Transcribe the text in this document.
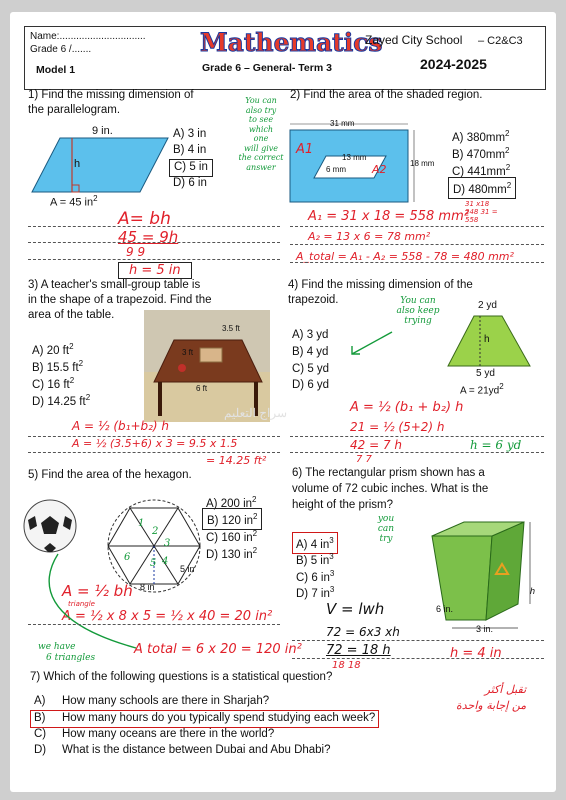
Name:...............................
Grade 6 /.......
Model 1
Mathematics
Grade 6 – General- Term 3
Zayed City School – C2&C3
2024-2025
1) Find the missing dimension of
the parallelogram.
9 in.
h
A = 45 $in^2$
A) 3 in
B) 4 in
C) 5 in
D) 6 in
You can
also try
to see
which
one
will give
the correct
answer
A= bh
45 = 9h
9 9
h = 5 in
2) Find the area of the shaded region.
31 mm
13 mm
6 mm
18 mm
A1
A2
A) $380mm^2$
B) $470mm^2$
C) $441mm^2$
D) $480mm^2$
A₁ = 31 x 18 = 558 mm²
A₂ = 13 x 6 = 78 mm²
A_total = A₁ - A₂ = 558 - 78 = 480 mm²
31 x18 248 31 = 558
3) A teacher's small-group table is
in the shape of a trapezoid. Find the
area of the table.
A) 20 $ft^2$
B) 15.5 $ft^2$
C) 16 $ft^2$
D) 14.25 $ft^2$
3.5 ft
3 ft
6 ft
A = ½ (b₁+b₂) h
A = ½ (3.5+6) x 3 = 9.5 x 1.5
= 14.25 ft²
4) Find the missing dimension of the
trapezoid.	You can
also keep
trying
A) 3 yd
B) 4 yd
C) 5 yd
D) 6 yd
2 yd
h
5 yd
$A = 21yd^2$
A = ½ (b₁ + b₂) h
21 = ½ (5+2) h
42 = 7 h
7 7
h = 6 yd
5) Find the area of the hexagon.
1
2
3
4
5
6
5 in
8 in
A) 200 $in^2$
B) 120 $in^2$
C) 160 $in^2$
D) 130 $in^2$
A = ½ bh
triangle
A = ½ x 8 x 5 = ½ x 40 = 20 in²
A total = 6 x 20 = 120 in²
we have
6 triangles
6) The rectangular prism shown has a
volume of 72 cubic inches. What is the
height of the prism?
you
can
try
A) 4 $in^3$
B) 5 $in^3$
C) 6 $in^3$
D) 7 $in^3$
6 in.
3 in.
h
V = lwh
72 = 6x3 xh
72 = 18 h
18 18
h = 4 in
7) Which of the following questions is a statistical question?
A) How many schools are there in Sharjah?
B) How many hours do you typically spend studying each week?
C) How many oceans are there in the world?
D) What is the distance between Dubai and Abu Dhabi?
تقبل أكثر
من إجابة واحدة
سراج التعليم
